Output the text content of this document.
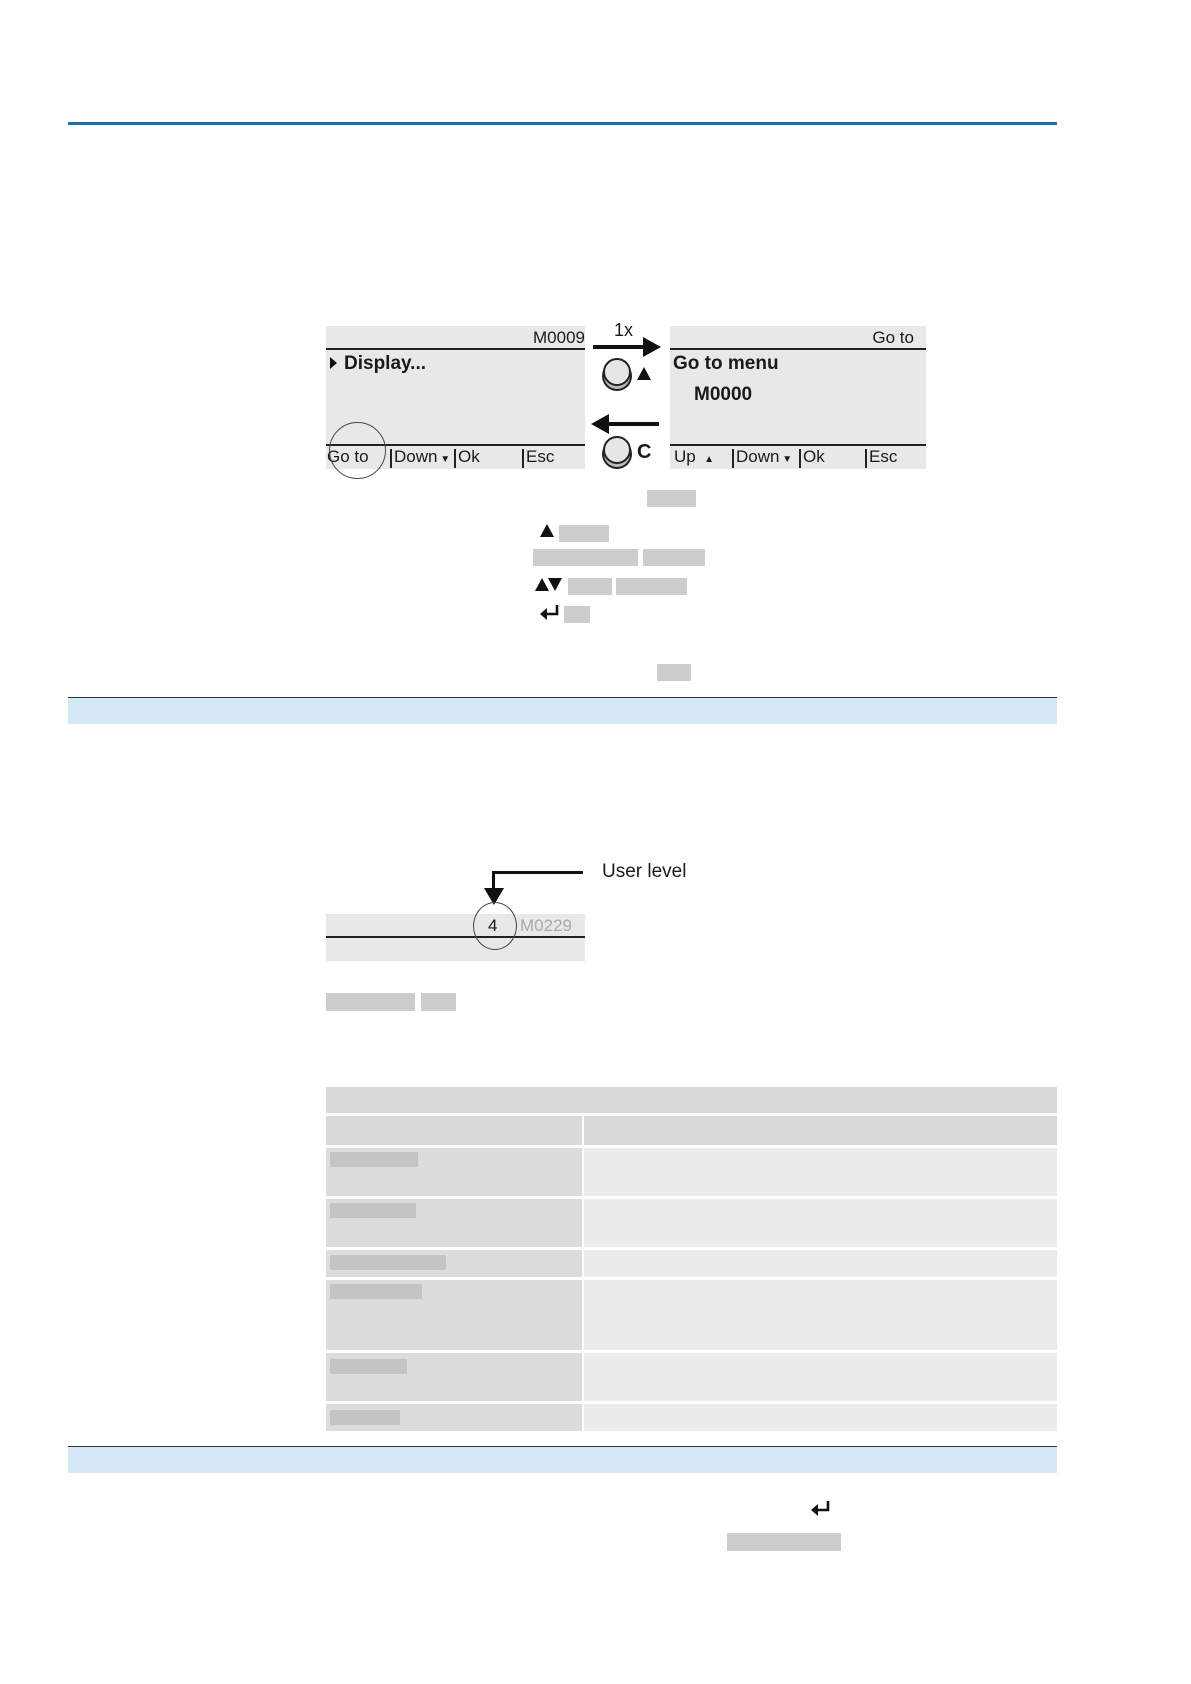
M0009
Display...
Go to Down ▼ Ok	Esc
1x
C
Go to
Go to menu
M0000
Up   ▲ Down ▼ Ok	Esc
User level
4 M0229
